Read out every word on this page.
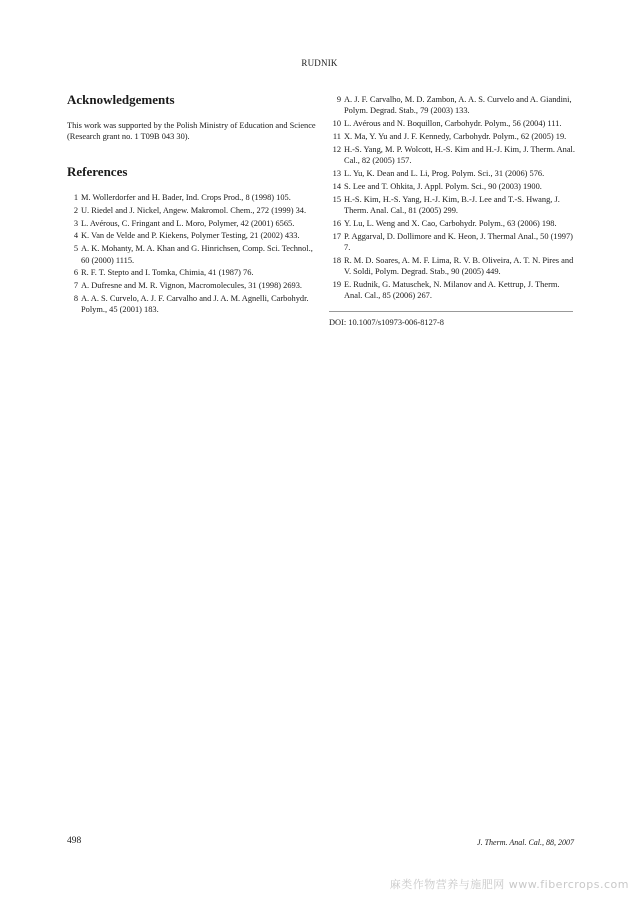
RUDNIK
Acknowledgements

This work was supported by the Polish Ministry of Education and Science (Research grant no. 1 T09B 043 30).

References
1 M. Wollerdorfer and H. Bader, Ind. Crops Prod., 8 (1998) 105.
2 U. Riedel and J. Nickel, Angew. Makromol. Chem., 272 (1999) 34.
3 L. Avérous, C. Fringant and L. Moro, Polymer, 42 (2001) 6565.
4 K. Van de Velde and P. Kiekens, Polymer Testing, 21 (2002) 433.
5 A. K. Mohanty, M. A. Khan and G. Hinrichsen, Comp. Sci. Technol., 60 (2000) 1115.
6 R. F. T. Stepto and I. Tomka, Chimia, 41 (1987) 76.
7 A. Dufresne and M. R. Vignon, Macromolecules, 31 (1998) 2693.
8 A. A. S. Curvelo, A. J. F. Carvalho and J. A. M. Agnelli, Carbohydr. Polym., 45 (2001) 183.
9 A. J. F. Carvalho, M. D. Zambon, A. A. S. Curvelo and A. Giandini, Polym. Degrad. Stab., 79 (2003) 133.
10 L. Avérous and N. Boquillon, Carbohydr. Polym., 56 (2004) 111.
11 X. Ma, Y. Yu and J. F. Kennedy, Carbohydr. Polym., 62 (2005) 19.
12 H.-S. Yang, M. P. Wolcott, H.-S. Kim and H.-J. Kim, J. Therm. Anal. Cal., 82 (2005) 157.
13 L. Yu, K. Dean and L. Li, Prog. Polym. Sci., 31 (2006) 576.
14 S. Lee and T. Ohkita, J. Appl. Polym. Sci., 90 (2003) 1900.
15 H.-S. Kim, H.-S. Yang, H.-J. Kim, B.-J. Lee and T.-S. Hwang, J. Therm. Anal. Cal., 81 (2005) 299.
16 Y. Lu, L. Weng and X. Cao, Carbohydr. Polym., 63 (2006) 198.
17 P. Aggarval, D. Dollimore and K. Heon, J. Thermal Anal., 50 (1997) 7.
18 R. M. D. Soares, A. M. F. Lima, R. V. B. Oliveira, A. T. N. Pires and V. Soldi, Polym. Degrad. Stab., 90 (2005) 449.
19 E. Rudnik, G. Matuschek, N. Milanov and A. Kettrup, J. Therm. Anal. Cal., 85 (2006) 267.
DOI: 10.1007/s10973-006-8127-8
498	J. Therm. Anal. Cal., 88, 2007
麻类作物营养与施肥网 www.fibercrops.com
